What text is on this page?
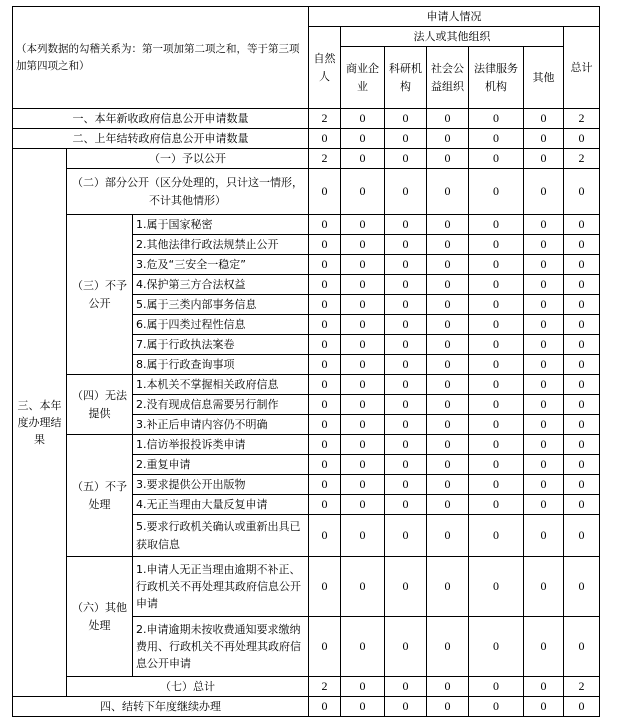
（本列数据的勾稽关系为：第一项加第二项之和，等于第三项加第四项之和）			申请人情况						
			自然人	法人或其他组织					总计
				商业企业	科研机构	社会公益组织	法律服务机构	其他	
一、本年新收政府信息公开申请数量			2	0	0	0	0	0	2
二、上年结转政府信息公开申请数量			0	0	0	0	0	0	0
三、本年度办理结果	（一）予以公开		2	0	0	0	0	0	2
	（二）部分公开（区分处理的，只计这一情形，不计其他情形）		0	0	0	0	0	0	0
	（三）不予公开	1.属于国家秘密	0	0	0	0	0	0	0
		2.其他法律行政法规禁止公开	0	0	0	0	0	0	0
		3.危及“三安全一稳定”	0	0	0	0	0	0	0
		4.保护第三方合法权益	0	0	0	0	0	0	0
		5.属于三类内部事务信息	0	0	0	0	0	0	0
		6.属于四类过程性信息	0	0	0	0	0	0	0
		7.属于行政执法案卷	0	0	0	0	0	0	0
		8.属于行政查询事项	0	0	0	0	0	0	0
	（四）无法提供	1.本机关不掌握相关政府信息	0	0	0	0	0	0	0
		2.没有现成信息需要另行制作	0	0	0	0	0	0	0
		3.补正后申请内容仍不明确	0	0	0	0	0	0	0
	（五）不予处理	1.信访举报投诉类申请	0	0	0	0	0	0	0
		2.重复申请	0	0	0	0	0	0	0
		3.要求提供公开出版物	0	0	0	0	0	0	0
		4.无正当理由大量反复申请	0	0	0	0	0	0	0
		5.要求行政机关确认或重新出具已获取信息	0	0	0	0	0	0	0
	（六）其他处理	1.申请人无正当理由逾期不补正、行政机关不再处理其政府信息公开申请	0	0	0	0	0	0	0
		2.申请逾期未按收费通知要求缴纳费用、行政机关不再处理其政府信息公开申请	0	0	0	0	0	0	0
	（七）总计		2	0	0	0	0	0	2
四、结转下年度继续办理			0	0	0	0	0	0	0
